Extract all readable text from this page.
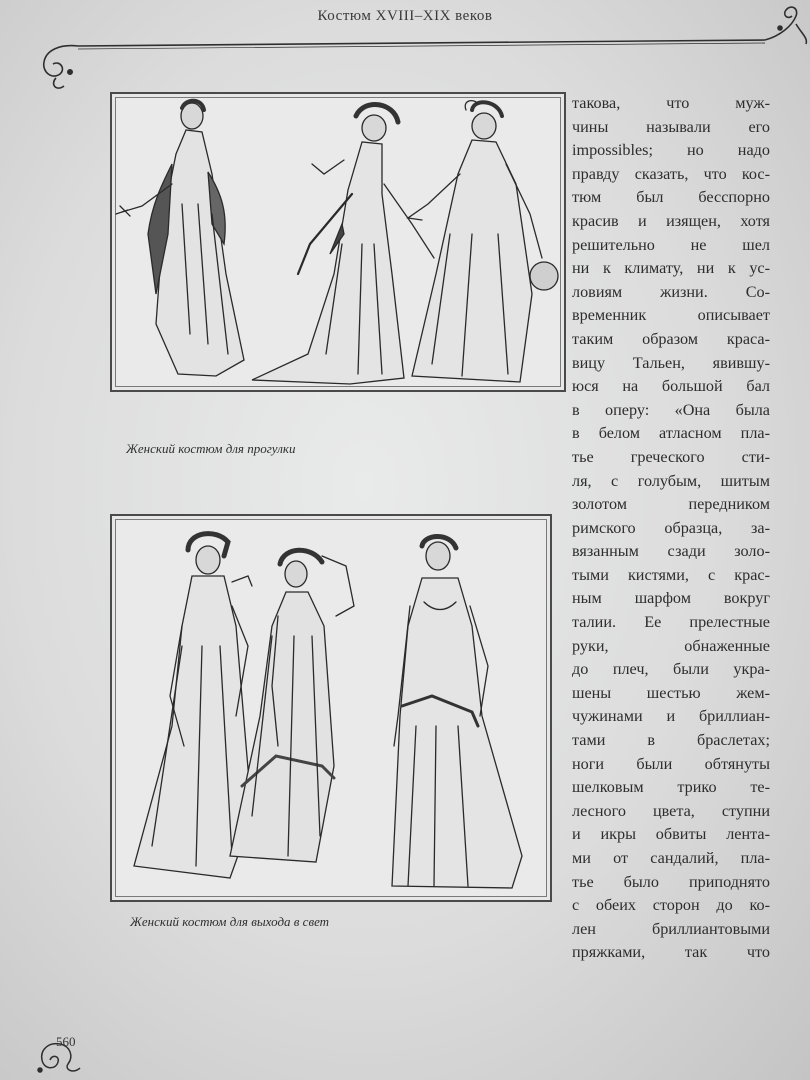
Костюм XVIII–XIX веков
Женский костюм для прогулки
Женский костюм для выхода в свет
такова, что муж-
чины называли его
impossibles; но надо
правду сказать, что кос-
тюм был бесспорно
красив и изящен, хотя
решительно не шел
ни к климату, ни к ус-
ловиям жизни. Со-
временник описывает
таким образом краса-
вицу Тальен, явившу-
юся на большой бал
в оперу: «Она была
в белом атласном пла-
тье греческого сти-
ля, с голубым, шитым
золотом передником
римского образца, за-
вязанным сзади золо-
тыми кистями, с крас-
ным шарфом вокруг
талии. Ее прелестные
руки, обнаженные
до плеч, были укра-
шены шестью жем-
чужинами и бриллиан-
тами в браслетах;
ноги были обтянуты
шелковым трико те-
лесного цвета, ступни
и икры обвиты лента-
ми от сандалий, пла-
тье было приподнято
с обеих сторон до ко-
лен бриллиантовыми
пряжками, так что
560
